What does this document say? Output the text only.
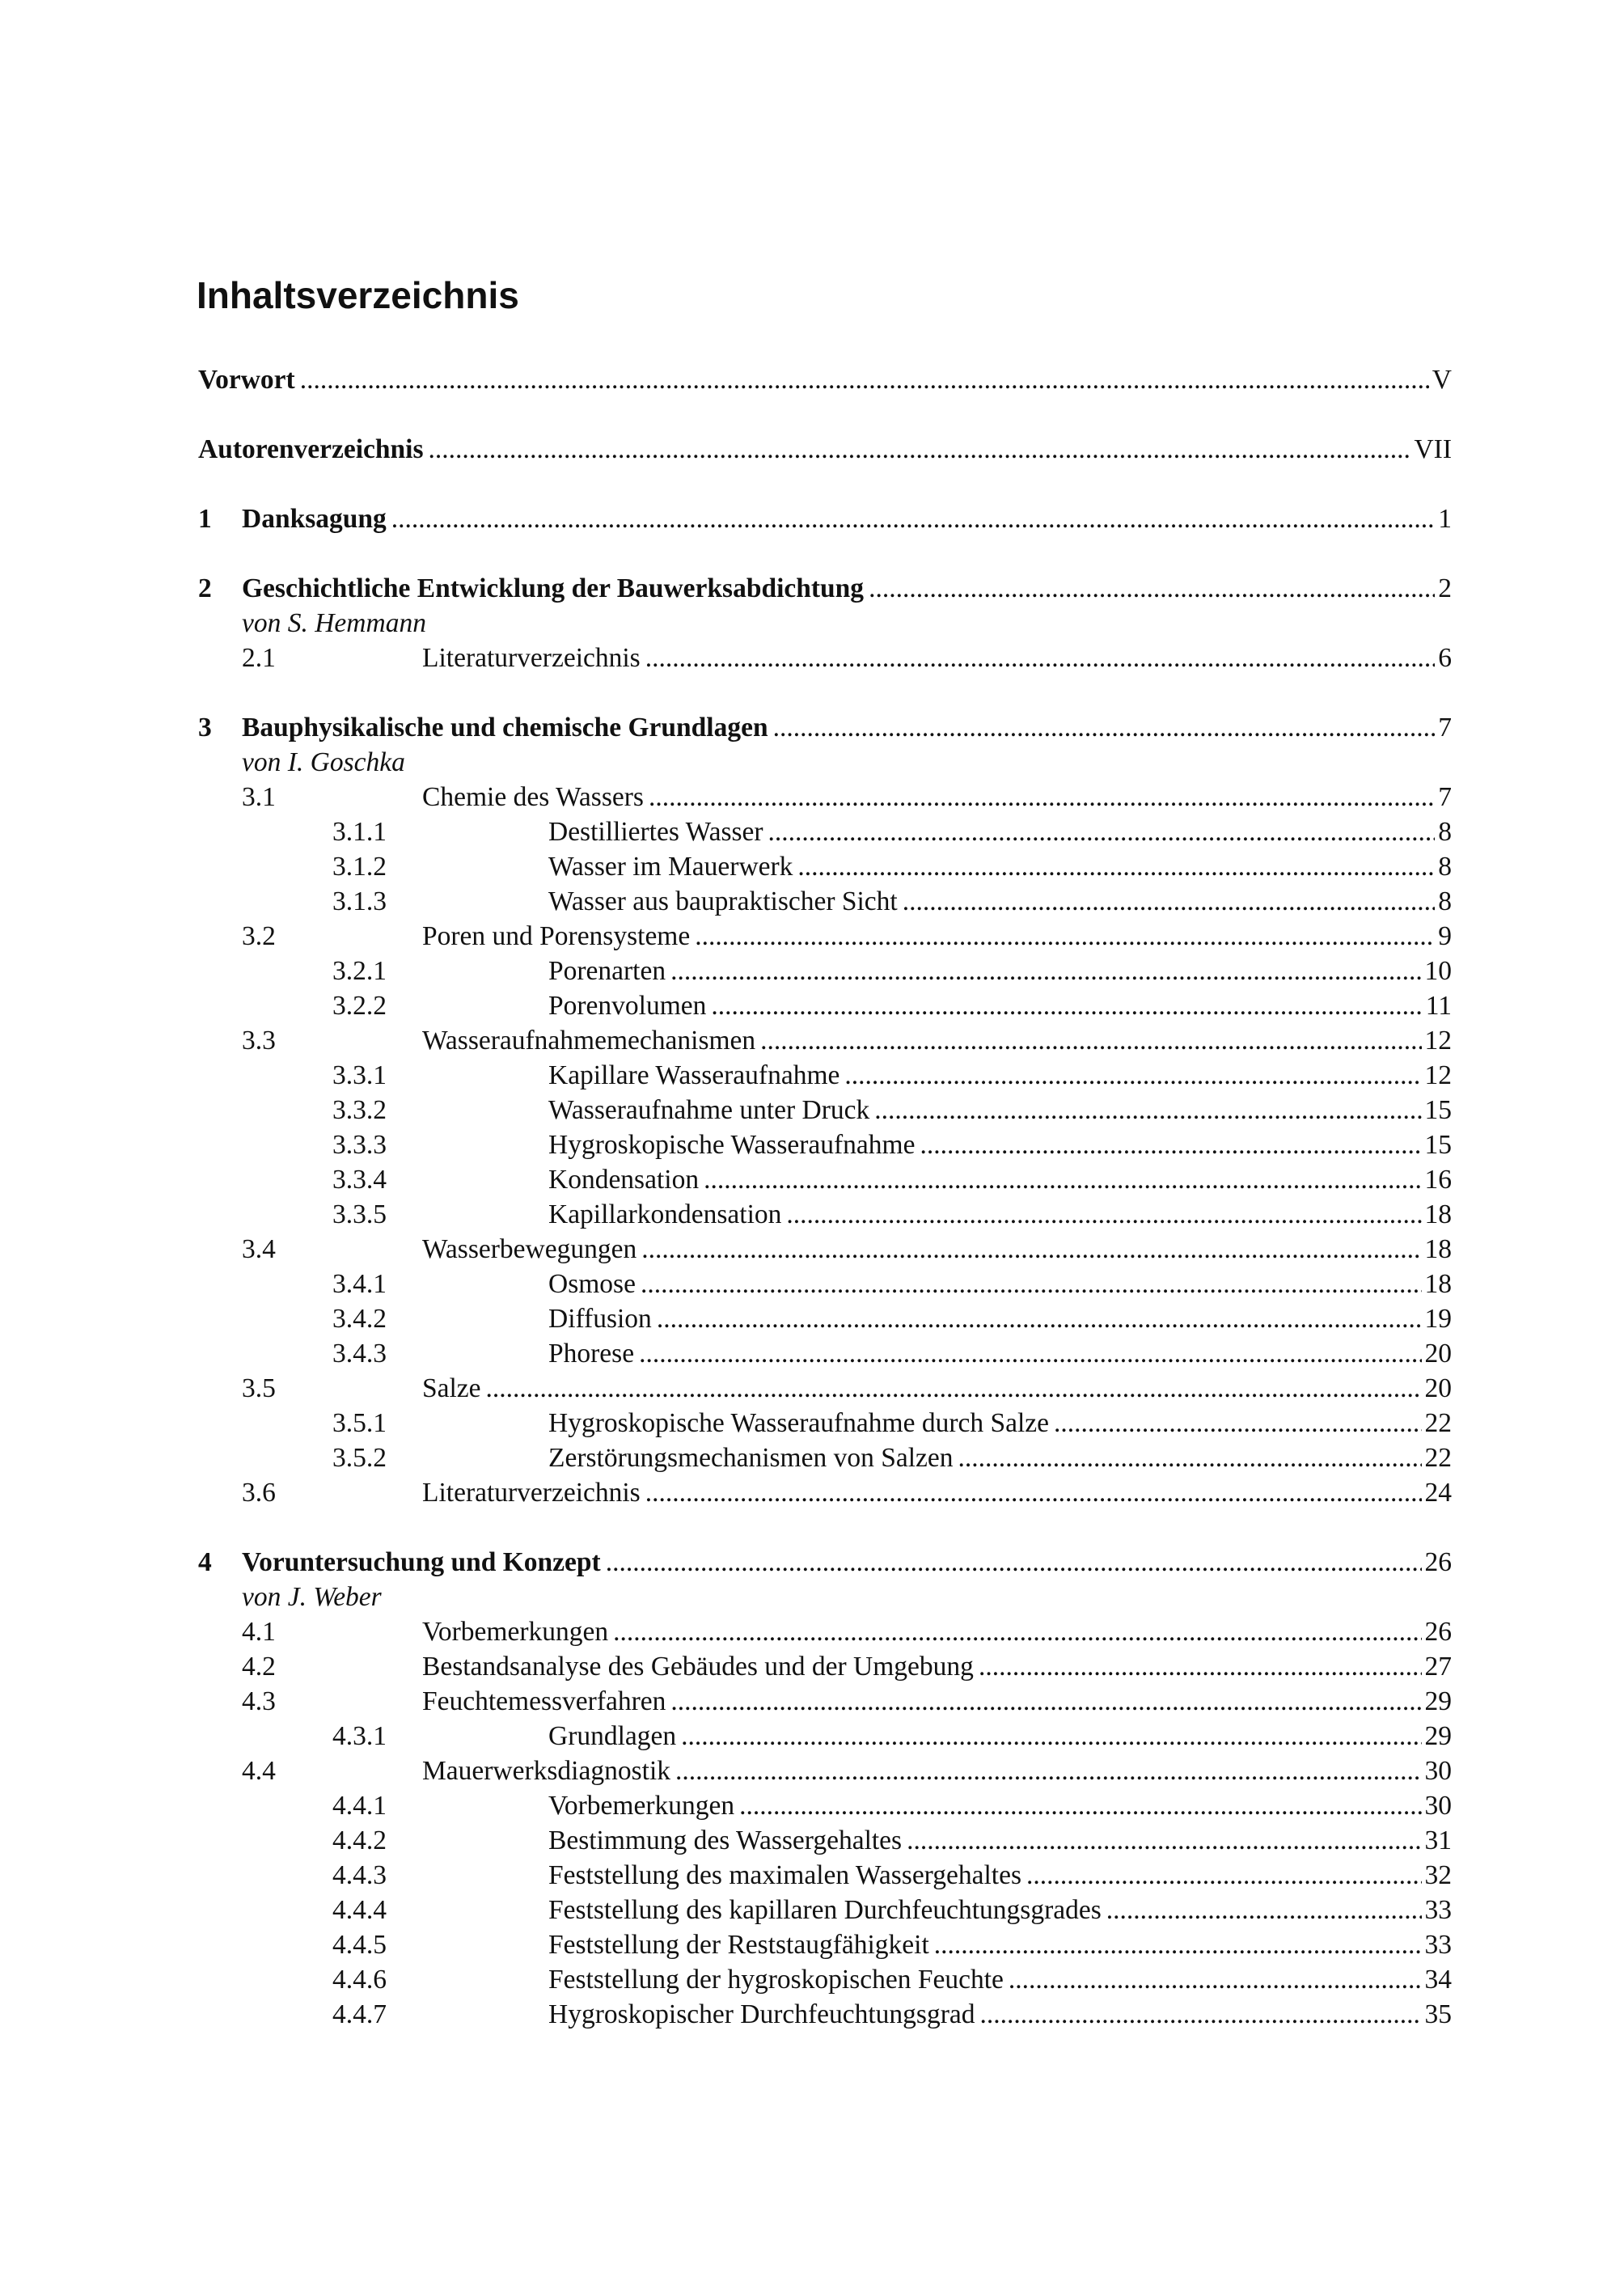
Inhaltsverzeichnis
Vorwort .....	V
Autorenverzeichnis .....	VII
1 Danksagung .....	1
2 Geschichtliche Entwicklung der Bauwerksabdichtung .....	2
von S. Hemmann
2.1	Literaturverzeichnis .....	6
3 Bauphysikalische und chemische Grundlagen .....	7
von I. Goschka
3.1	Chemie des Wassers .....	7
3.1.1	Destilliertes Wasser .....	8
3.1.2	Wasser im Mauerwerk .....	8
3.1.3	Wasser aus baupraktischer Sicht .....	8
3.2	Poren und Porensysteme .....	9
3.2.1	Porenarten .....	10
3.2.2	Porenvolumen .....	11
3.3	Wasseraufnahmemechanismen .....	12
3.3.1	Kapillare Wasseraufnahme .....	12
3.3.2	Wasseraufnahme unter Druck .....	15
3.3.3	Hygroskopische Wasseraufnahme .....	15
3.3.4	Kondensation .....	16
3.3.5	Kapillarkondensation .....	18
3.4	Wasserbewegungen .....	18
3.4.1	Osmose .....	18
3.4.2	Diffusion .....	19
3.4.3	Phorese .....	20
3.5	Salze .....	20
3.5.1	Hygroskopische Wasseraufnahme durch Salze .....	22
3.5.2	Zerstörungsmechanismen von Salzen .....	22
3.6	Literaturverzeichnis .....	24
4 Voruntersuchung und Konzept .....	26
von J. Weber
4.1	Vorbemerkungen .....	26
4.2	Bestandsanalyse des Gebäudes und der Umgebung .....	27
4.3	Feuchtemessverfahren .....	29
4.3.1	Grundlagen .....	29
4.4	Mauerwerksdiagnostik .....	30
4.4.1	Vorbemerkungen .....	30
4.4.2	Bestimmung des Wassergehaltes .....	31
4.4.3	Feststellung des maximalen Wassergehaltes .....	32
4.4.4	Feststellung des kapillaren Durchfeuchtungsgrades .....	33
4.4.5	Feststellung der Reststaugfähigkeit .....	33
4.4.6	Feststellung der hygroskopischen Feuchte .....	34
4.4.7	Hygroskopischer Durchfeuchtungsgrad .....	35
